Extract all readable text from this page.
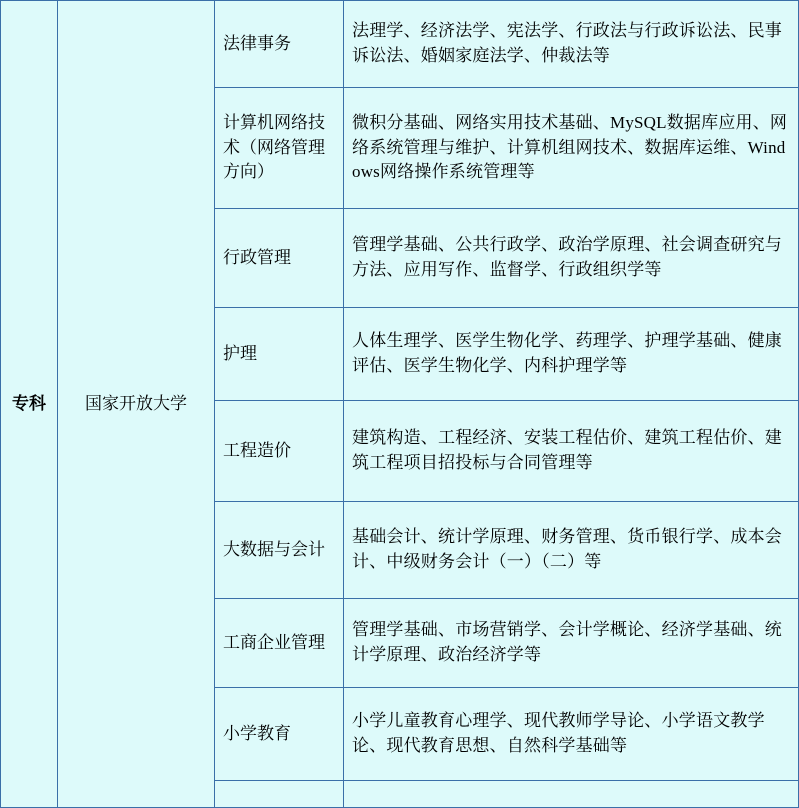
专科	国家开放大学	法律事务	法理学、经济法学、宪法学、行政法与行政诉讼法、民事诉讼法、婚姻家庭法学、仲裁法等
		计算机网络技术（网络管理方向）	微积分基础、网络实用技术基础、MySQL数据库应用、网络系统管理与维护、计算机组网技术、数据库运维、Windows网络操作系统管理等
		行政管理	管理学基础、公共行政学、政治学原理、社会调查研究与方法、应用写作、监督学、行政组织学等
		护理	人体生理学、医学生物化学、药理学、护理学基础、健康评估、医学生物化学、内科护理学等
		工程造价	建筑构造、工程经济、安装工程估价、建筑工程估价、建筑工程项目招投标与合同管理等
		大数据与会计	基础会计、统计学原理、财务管理、货币银行学、成本会计、中级财务会计（一）（二）等
		工商企业管理	管理学基础、市场营销学、会计学概论、经济学基础、统计学原理、政治经济学等
		小学教育	小学儿童教育心理学、现代教师学导论、小学语文教学论、现代教育思想、自然科学基础等
